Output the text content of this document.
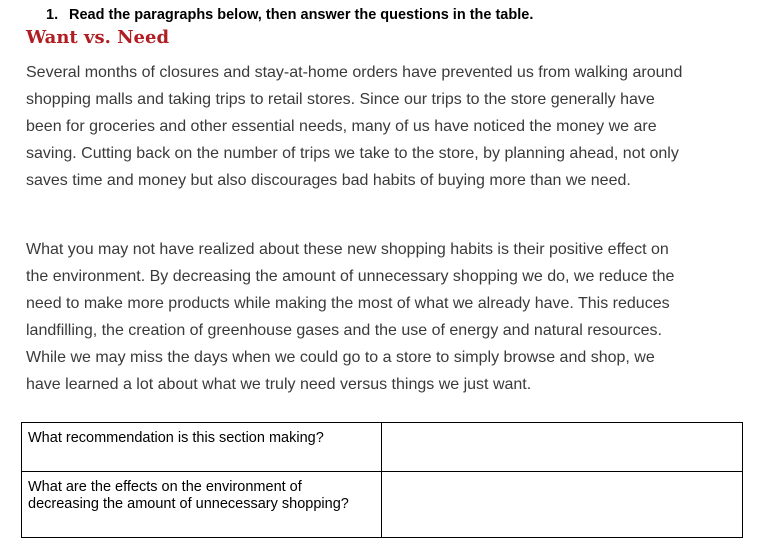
1. Read the paragraphs below, then answer the questions in the table.
Want vs. Need

Several months of closures and stay-at-home orders have prevented us from walking around shopping malls and taking trips to retail stores. Since our trips to the store generally have been for groceries and other essential needs, many of us have noticed the money we are saving. Cutting back on the number of trips we take to the store, by planning ahead, not only saves time and money but also discourages bad habits of buying more than we need.

What you may not have realized about these new shopping habits is their positive effect on the environment. By decreasing the amount of unnecessary shopping we do, we reduce the need to make more products while making the most of what we already have. This reduces landfilling, the creation of greenhouse gases and the use of energy and natural resources. While we may miss the days when we could go to a store to simply browse and shop, we have learned a lot about what we truly need versus things we just want.

What recommendation is this section making?	
What are the effects on the environment of decreasing the amount of unnecessary shopping?	
